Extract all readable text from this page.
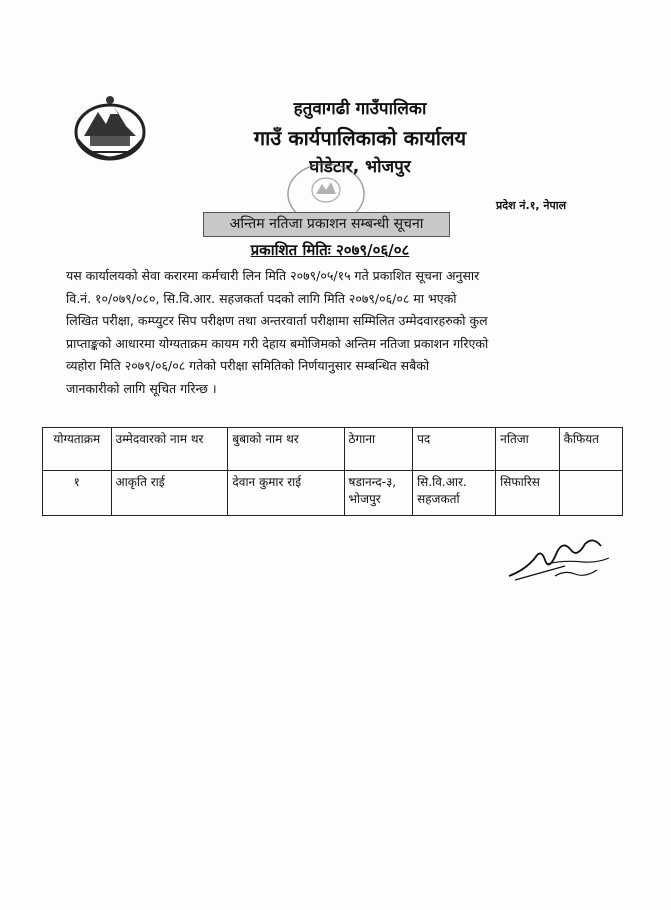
हतुवागढी गाउँपालिका
गाउँ कार्यपालिकाको कार्यालय
घोडेटार, भोजपुर
प्रदेश नं.१, नेपाल
अन्तिम नतिजा प्रकाशन सम्बन्धी सूचना
प्रकाशित मितिः २०७९/०६/०८
यस कार्यालयको सेवा करारमा कर्मचारी लिन मिति २०७९/०५/१५ गते प्रकाशित सूचना अनुसार
वि.नं. १०/०७९/०८०, सि.वि.आर. सहजकर्ता पदको लागि मिति २०७९/०६/०८ मा भएको
लिखित परीक्षा, कम्प्युटर सिप परीक्षण तथा अन्तरवार्ता परीक्षामा सम्मिलित उम्मेदवारहरुको कुल
प्राप्ताङ्कको आधारमा योग्यताक्रम कायम गरी देहाय बमोजिमको अन्तिम नतिजा प्रकाशन गरिएको
व्यहोरा मिति २०७९/०६/०८ गतेको परीक्षा समितिको निर्णयानुसार सम्बन्धित सबैको
जानकारीको लागि सूचित गरिन्छ ।
योग्यताक्रम	उम्मेदवारको नाम थर	बुबाको नाम थर	ठेगाना	पद	नतिजा	कैफियत
१	आकृति राई	देवान कुमार राई	षडानन्द-३, भोजपुर	सि.वि.आर. सहजकर्ता	सिफारिस	
